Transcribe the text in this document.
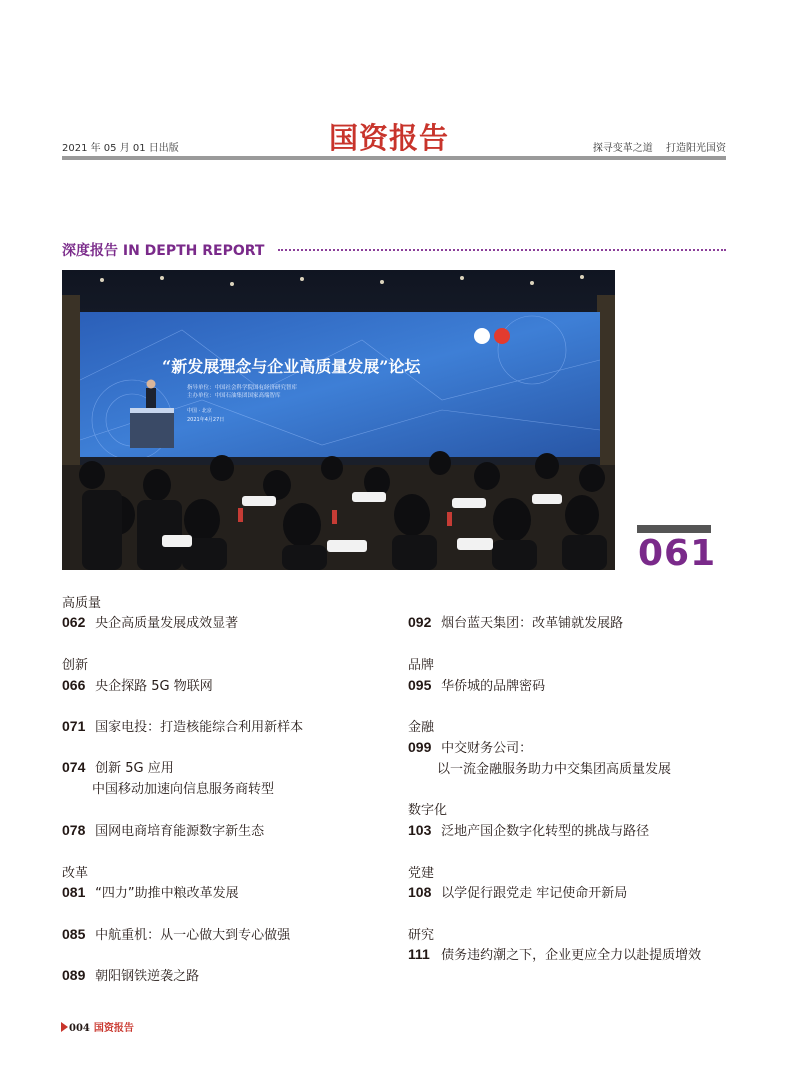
2021 年 05 月 01 日出版	国资报告	探寻变革之道 打造阳光国资
深度报告 IN DEPTH REPORT
“新发展理念与企业高质量发展”论坛
指导单位：中国社会科学院国有经济研究智库
主办单位：中国石油集团国家高端智库
中国 · 北京
2021年4月27日
061
高质量
062 央企高质量发展成效显著
创新
066 央企探路 5G 物联网
071 国家电投：打造核能综合利用新样本
074 创新 5G 应用
中国移动加速向信息服务商转型
078 国网电商培育能源数字新生态
改革
081 “四力”助推中粮改革发展
085 中航重机：从一心做大到专心做强
089 朝阳钢铁逆袭之路
092 烟台蓝天集团：改革铺就发展路
品牌
095 华侨城的品牌密码
金融
099 中交财务公司：
以一流金融服务助力中交集团高质量发展
数字化
103 泛地产国企数字化转型的挑战与路径
党建
108 以学促行跟党走 牢记使命开新局
研究
111 债务违约潮之下，企业更应全力以赴提质增效
004 国资报告
